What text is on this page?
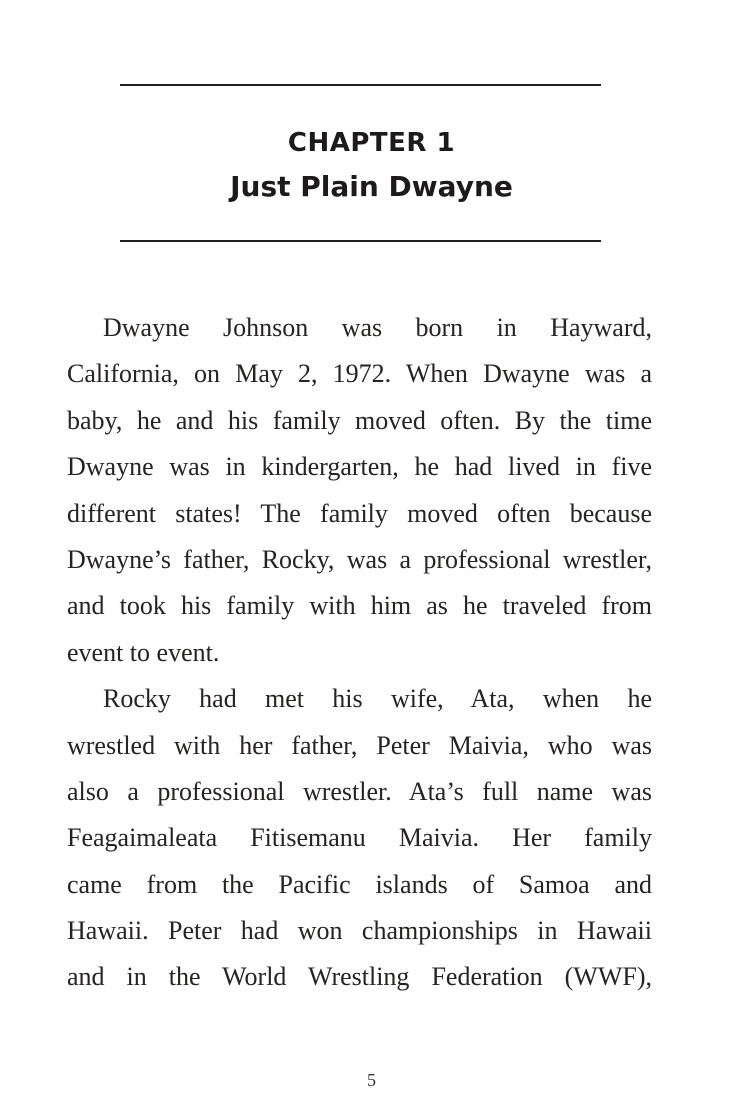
CHAPTER 1
Just Plain Dwayne
Dwayne Johnson was born in Hayward,
California, on May 2, 1972. When Dwayne was a
baby, he and his family moved often. By the time
Dwayne was in kindergarten, he had lived in five
different states! The family moved often because
Dwayne’s father, Rocky, was a professional wrestler,
and took his family with him as he traveled from
event to event.
Rocky had met his wife, Ata, when he
wrestled with her father, Peter Maivia, who was
also a professional wrestler. Ata’s full name was
Feagaimaleata Fitisemanu Maivia. Her family
came from the Pacific islands of Samoa and
Hawaii. Peter had won championships in Hawaii
and in the World Wrestling Federation (WWF),
5
